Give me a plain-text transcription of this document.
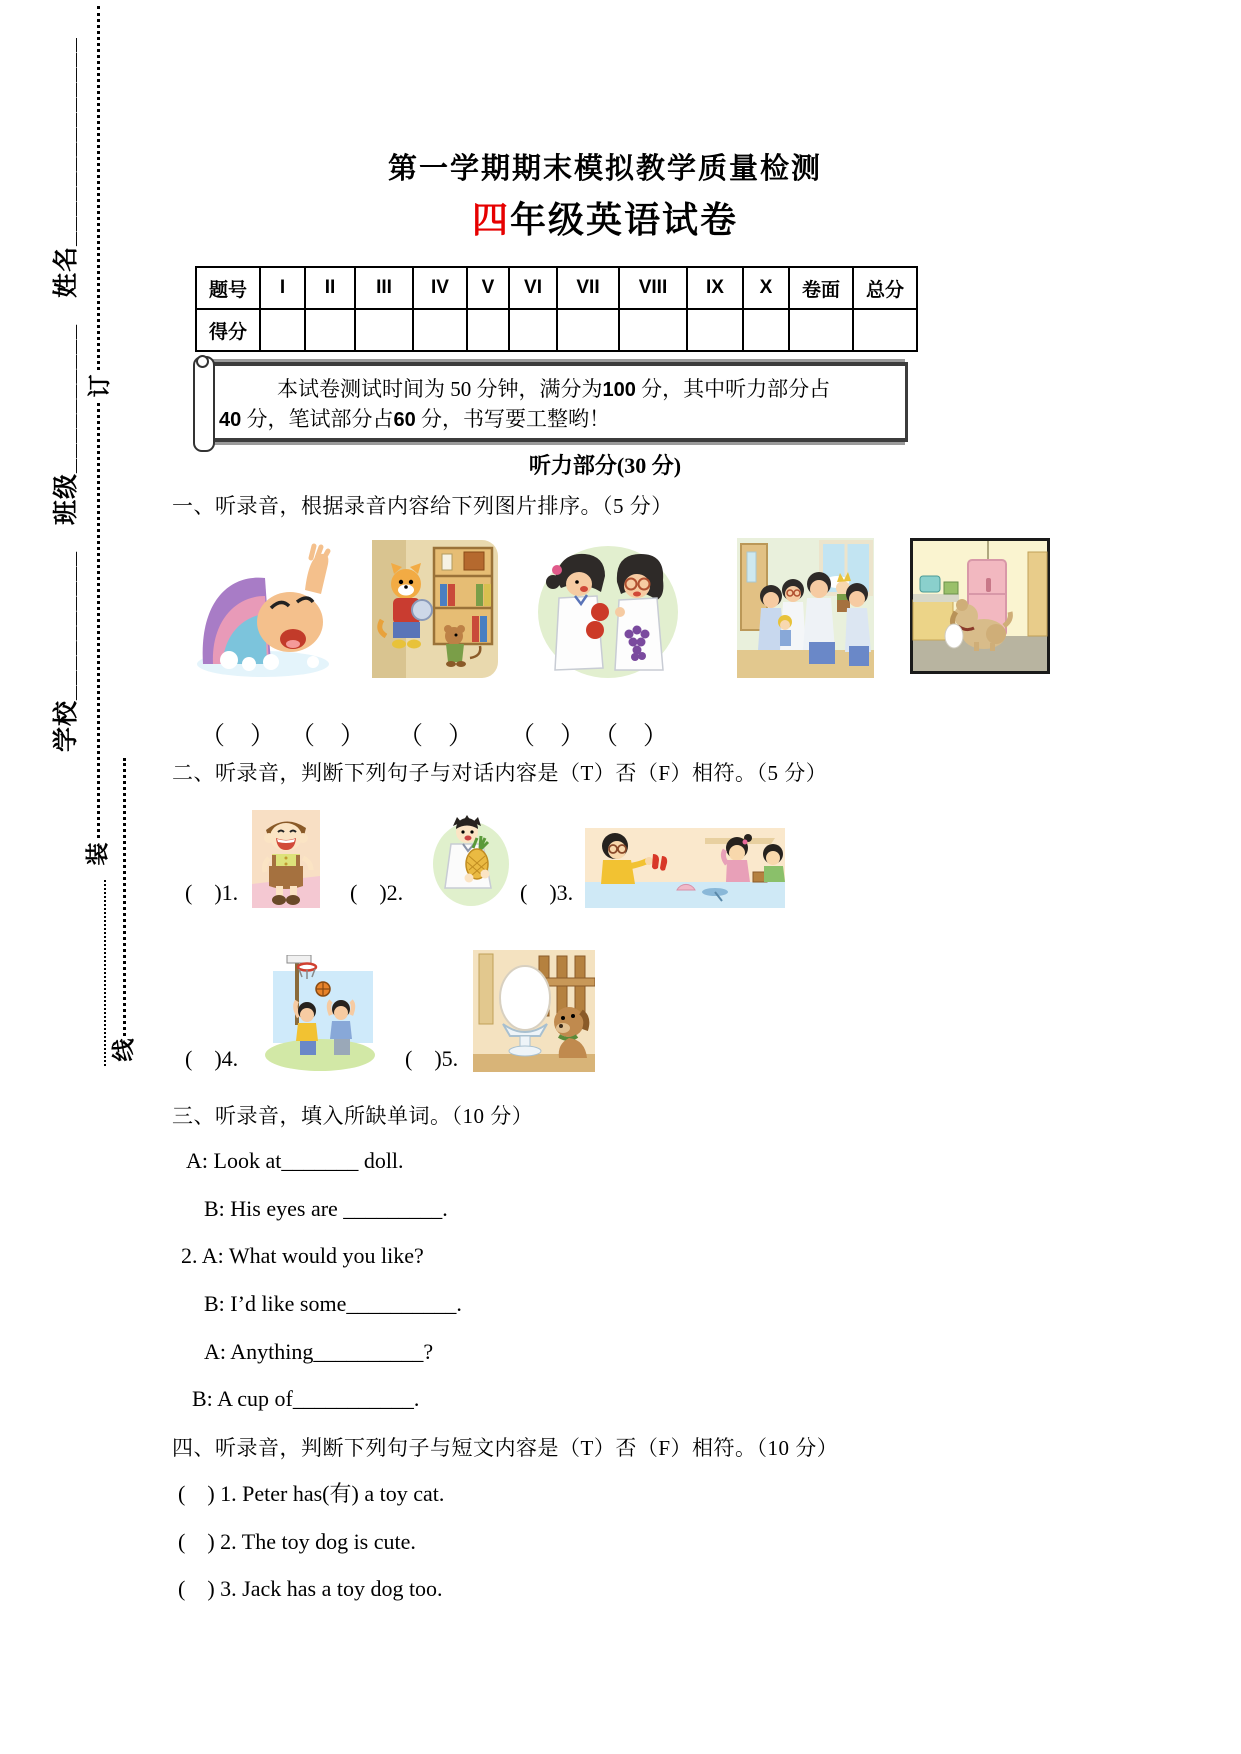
学校__________　班级__________　姓名______________ 订
装
线
第一学期期末模拟教学质量检测
四年级英语试卷
题号	I	II	III	IV	V	VI	VII	VIII	IX	X	卷面	总分
得分												

本试卷测试时间为 50 分钟，满分为100 分，其中听力部分占
40 分，笔试部分占60 分，书写要工整哟！

听力部分(30 分)
一、听录音，根据录音内容给下列图片排序。（5 分）
（　） （　） （　） （　） （　）
二、听录音，判断下列句子与对话内容是（T）否（F）相符。（5 分）
(　)1.	(　)2.	(　)3.
(　)4.	(　)5.
三、听录音，填入所缺单词。（10 分）
A: Look at_______ doll.
B: His eyes are _________.
2. A: What would you like?
B: I’d like some__________.
A: Anything__________?
B: A cup of___________.
四、听录音，判断下列句子与短文内容是（T）否（F）相符。（10 分）
(　) 1. Peter has(有) a toy cat.
(　) 2. The toy dog is cute.
(　) 3. Jack has a toy dog too.
